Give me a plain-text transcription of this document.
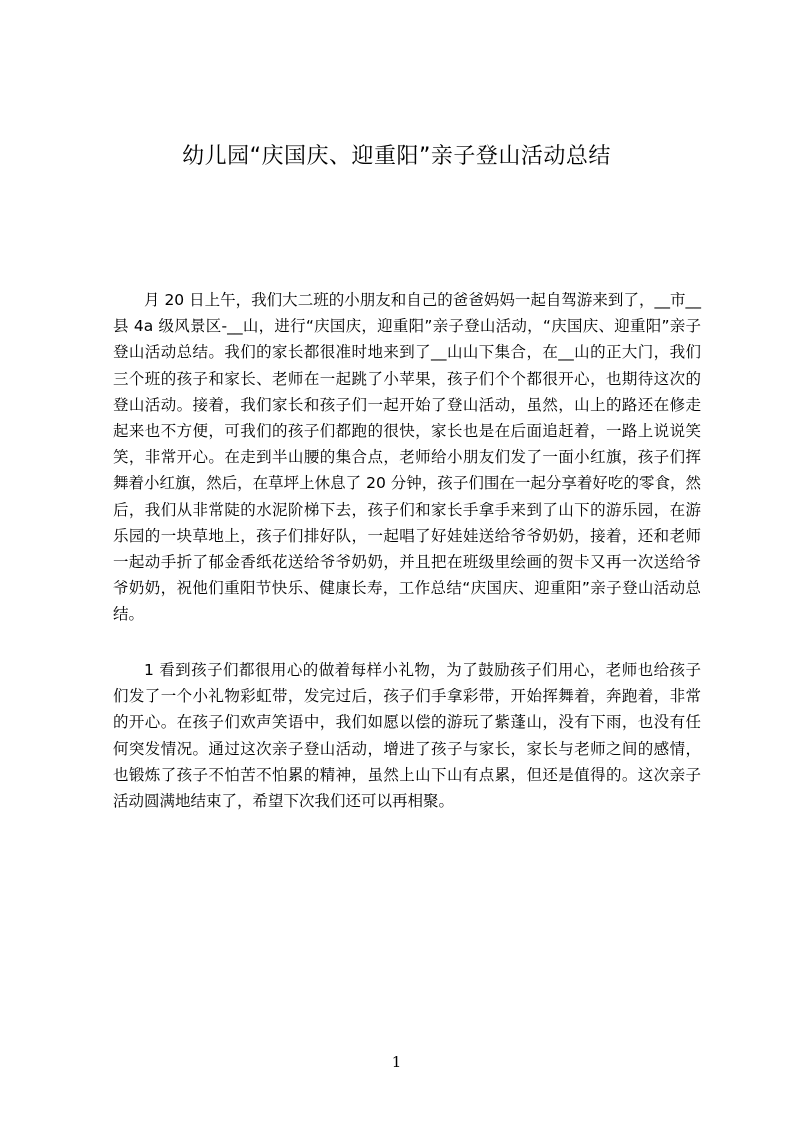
幼儿园“庆国庆、迎重阳”亲子登山活动总结

月 20 日上午，我们大二班的小朋友和自己的爸爸妈妈一起自驾游来到了，__市__县 4a 级风景区-__山，进行“庆国庆，迎重阳”亲子登山活动，“庆国庆、迎重阳”亲子登山活动总结。我们的家长都很准时地来到了__山山下集合，在__山的正大门，我们三个班的孩子和家长、老师在一起跳了小苹果，孩子们个个都很开心，也期待这次的登山活动。接着，我们家长和孩子们一起开始了登山活动，虽然，山上的路还在修走起来也不方便，可我们的孩子们都跑的很快，家长也是在后面追赶着，一路上说说笑笑，非常开心。在走到半山腰的集合点，老师给小朋友们发了一面小红旗，孩子们挥舞着小红旗，然后，在草坪上休息了 20 分钟，孩子们围在一起分享着好吃的零食，然后，我们从非常陡的水泥阶梯下去，孩子们和家长手拿手来到了山下的游乐园，在游乐园的一块草地上，孩子们排好队，一起唱了好娃娃送给爷爷奶奶，接着，还和老师一起动手折了郁金香纸花送给爷爷奶奶，并且把在班级里绘画的贺卡又再一次送给爷爷奶奶，祝他们重阳节快乐、健康长寿，工作总结“庆国庆、迎重阳”亲子登山活动总结。

1 看到孩子们都很用心的做着每样小礼物，为了鼓励孩子们用心，老师也给孩子们发了一个小礼物彩虹带，发完过后，孩子们手拿彩带，开始挥舞着，奔跑着，非常的开心。在孩子们欢声笑语中，我们如愿以偿的游玩了紫蓬山，没有下雨，也没有任何突发情况。通过这次亲子登山活动，增进了孩子与家长，家长与老师之间的感情，也锻炼了孩子不怕苦不怕累的精神，虽然上山下山有点累，但还是值得的。这次亲子活动圆满地结束了，希望下次我们还可以再相聚。

1
